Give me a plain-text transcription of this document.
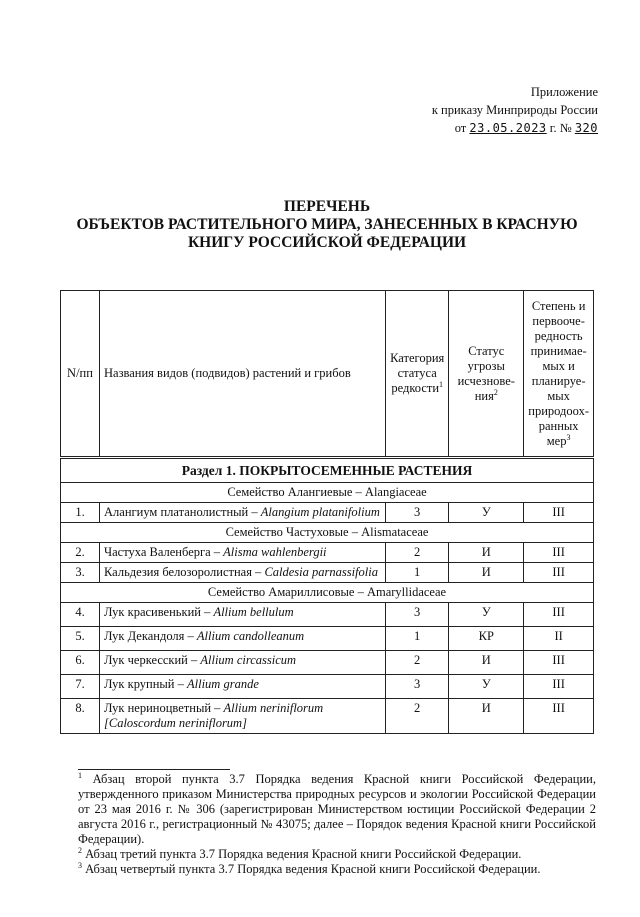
Приложение
к приказу Минприроды России
от 23.05.2023 г. № 320
ПЕРЕЧЕНЬ
ОБЪЕКТОВ РАСТИТЕЛЬНОГО МИРА, ЗАНЕСЕННЫХ В КРАСНУЮ
КНИГУ РОССИЙСКОЙ ФЕДЕРАЦИИ
N/пп	Названия видов (подвидов) растений и грибов	Категория статуса редкости$^1$	Статус угрозы исчезнове-ния$^2$	Степень и первооче-редность принимае-мых и планируе-мых природоох-ранных мер$^3$
Раздел 1. ПОКРЫТОСЕМЕННЫЕ РАСТЕНИЯ				
Семейство Алангиевые – Alangiaceae				
1.	Алангиум платанолистный – Alangium platanifolium	3	У	III
Семейство Частуховые – Alismataceae				
2.	Частуха Валенберга – Alisma wahlenbergii	2	И	III
3.	Кальдезия белозоролистная – Caldesia parnassifolia	1	И	III
Семейство Амариллисовые – Amaryllidaceae				
4.	Лук красивенький – Allium bellulum	3	У	III
5.	Лук Декандоля – Allium candolleanum	1	КР	II
6.	Лук черкесский – Allium circassicum	2	И	III
7.	Лук крупный – Allium grande	3	У	III
8.	Лук нериноцветный – Allium neriniflorum
[Caloscordum neriniflorum]	2	И	III

$^1$ Абзац второй пункта 3.7 Порядка ведения Красной книги Российской Федерации, утвержденного приказом Министерства природных ресурсов и экологии Российской Федерации от 23 мая 2016 г. № 306 (зарегистрирован Министерством юстиции Российской Федерации 2 августа 2016 г., регистрационный № 43075; далее – Порядок ведения Красной книги Российской Федерации).

$^2$ Абзац третий пункта 3.7 Порядка ведения Красной книги Российской Федерации.

$^3$ Абзац четвертый пункта 3.7 Порядка ведения Красной книги Российской Федерации.
